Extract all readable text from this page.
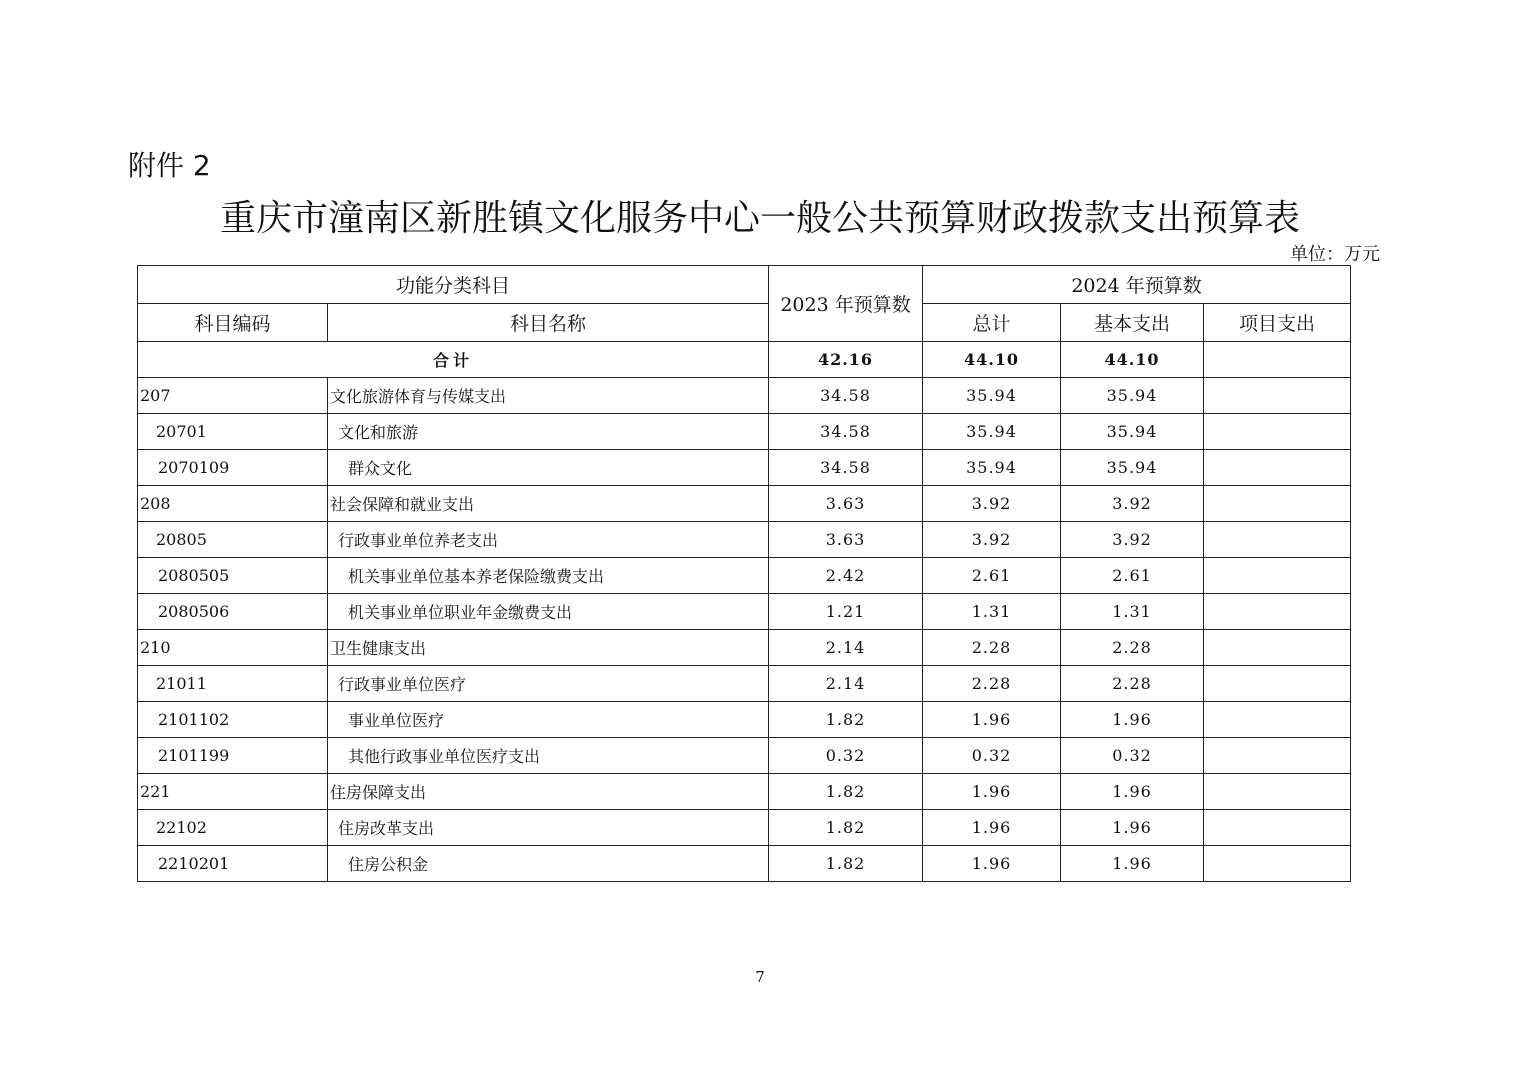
附件 2
重庆市潼南区新胜镇文化服务中心一般公共预算财政拨款支出预算表
单位：万元
功能分类科目		2023 年预算数	2024 年预算数		
科目编码	科目名称		总计	基本支出	项目支出
合计		42.16	44.10	44.10	
207	文化旅游体育与传媒支出	34.58	35.94	35.94	
20701	文化和旅游	34.58	35.94	35.94	
2070109	群众文化	34.58	35.94	35.94	
208	社会保障和就业支出	3.63	3.92	3.92	
20805	行政事业单位养老支出	3.63	3.92	3.92	
2080505	机关事业单位基本养老保险缴费支出	2.42	2.61	2.61	
2080506	机关事业单位职业年金缴费支出	1.21	1.31	1.31	
210	卫生健康支出	2.14	2.28	2.28	
21011	行政事业单位医疗	2.14	2.28	2.28	
2101102	事业单位医疗	1.82	1.96	1.96	
2101199	其他行政事业单位医疗支出	0.32	0.32	0.32	
221	住房保障支出	1.82	1.96	1.96	
22102	住房改革支出	1.82	1.96	1.96	
2210201	住房公积金	1.82	1.96	1.96	
7
